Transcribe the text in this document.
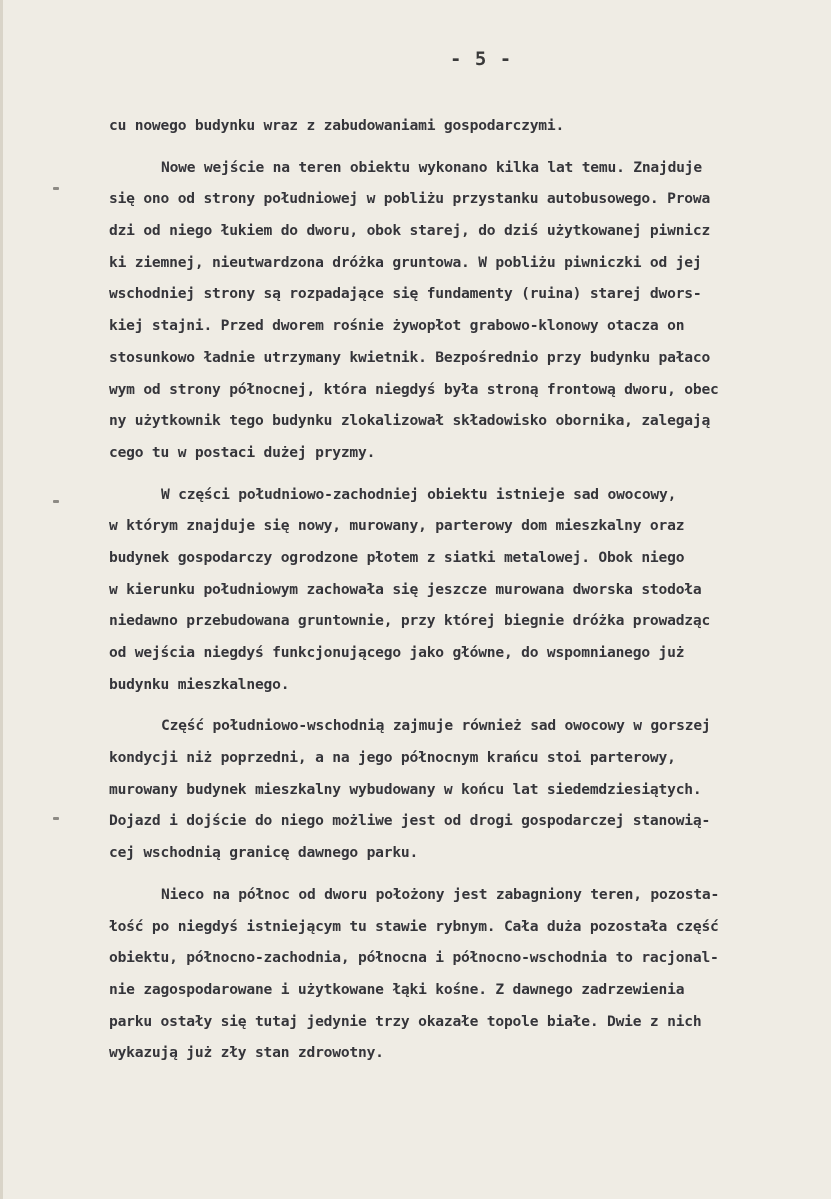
- 5 -
cu nowego budynku wraz z zabudowaniami gospodarczymi.
Nowe wejście na teren obiektu wykonano kilka lat temu. Znajduje
się ono od strony południowej w pobliżu przystanku autobusowego. Prowa
dzi od niego łukiem do dworu, obok starej, do dziś użytkowanej piwnicz
ki ziemnej, nieutwardzona dróżka gruntowa. W pobliżu piwniczki od jej
wschodniej strony są rozpadające się fundamenty (ruina) starej dwors-
kiej stajni. Przed dworem rośnie żywopłot grabowo-klonowy otacza on
stosunkowo ładnie utrzymany kwietnik. Bezpośrednio przy budynku pałaco
wym od strony północnej, która niegdyś była stroną frontową dworu, obec
ny użytkownik tego budynku zlokalizował składowisko obornika, zalegają
cego tu w postaci dużej pryzmy.
W części południowo-zachodniej obiektu istnieje sad owocowy,
w którym znajduje się nowy, murowany, parterowy dom mieszkalny oraz
budynek gospodarczy ogrodzone płotem z siatki metalowej. Obok niego
w kierunku południowym zachowała się jeszcze murowana dworska stodoła
niedawno przebudowana gruntownie, przy której biegnie dróżka prowadząc
od wejścia niegdyś funkcjonującego jako główne, do wspomnianego już
budynku mieszkalnego.
Część południowo-wschodnią zajmuje również sad owocowy w gorszej
kondycji niż poprzedni, a na jego północnym krańcu stoi parterowy,
murowany budynek mieszkalny wybudowany w końcu lat siedemdziesiątych.
Dojazd i dojście do niego możliwe jest od drogi gospodarczej stanowią-
cej wschodnią granicę dawnego parku.
Nieco na północ od dworu położony jest zabagniony teren, pozosta-
łość po niegdyś istniejącym tu stawie rybnym. Cała duża pozostała część
obiektu, północno-zachodnia, północna i północno-wschodnia to racjonal-
nie zagospodarowane i użytkowane łąki kośne. Z dawnego zadrzewienia
parku ostały się tutaj jedynie trzy okazałe topole białe. Dwie z nich
wykazują już zły stan zdrowotny.
